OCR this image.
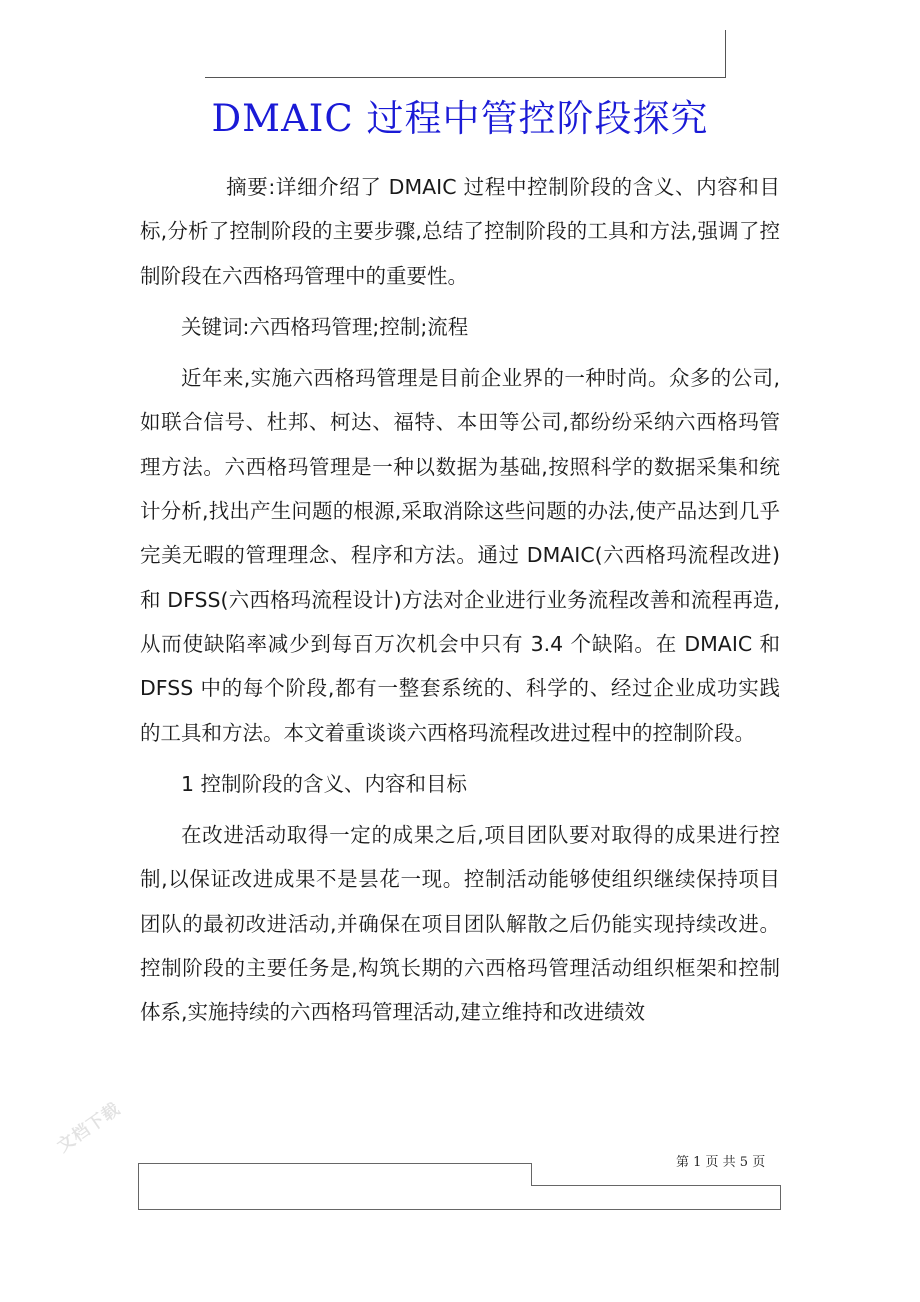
DMAIC 过程中管控阶段探究

摘要:详细介绍了 DMAIC 过程中控制阶段的含义、内容和目标,分析了控制阶段的主要步骤,总结了控制阶段的工具和方法,强调了控制阶段在六西格玛管理中的重要性。

关键词:六西格玛管理;控制;流程

近年来,实施六西格玛管理是目前企业界的一种时尚。众多的公司,如联合信号、杜邦、柯达、福特、本田等公司,都纷纷采纳六西格玛管理方法。六西格玛管理是一种以数据为基础,按照科学的数据采集和统计分析,找出产生问题的根源,采取消除这些问题的办法,使产品达到几乎完美无暇的管理理念、程序和方法。通过 DMAIC(六西格玛流程改进)和 DFSS(六西格玛流程设计)方法对企业进行业务流程改善和流程再造,从而使缺陷率减少到每百万次机会中只有 3.4 个缺陷。在 DMAIC 和 DFSS 中的每个阶段,都有一整套系统的、科学的、经过企业成功实践的工具和方法。本文着重谈谈六西格玛流程改进过程中的控制阶段。

1 控制阶段的含义、内容和目标

在改进活动取得一定的成果之后,项目团队要对取得的成果进行控制,以保证改进成果不是昙花一现。控制活动能够使组织继续保持项目团队的最初改进活动,并确保在项目团队解散之后仍能实现持续改进。控制阶段的主要任务是,构筑长期的六西格玛管理活动组织框架和控制体系,实施持续的六西格玛管理活动,建立维持和改进绩效

文档下载
第 1 页 共 5 页
